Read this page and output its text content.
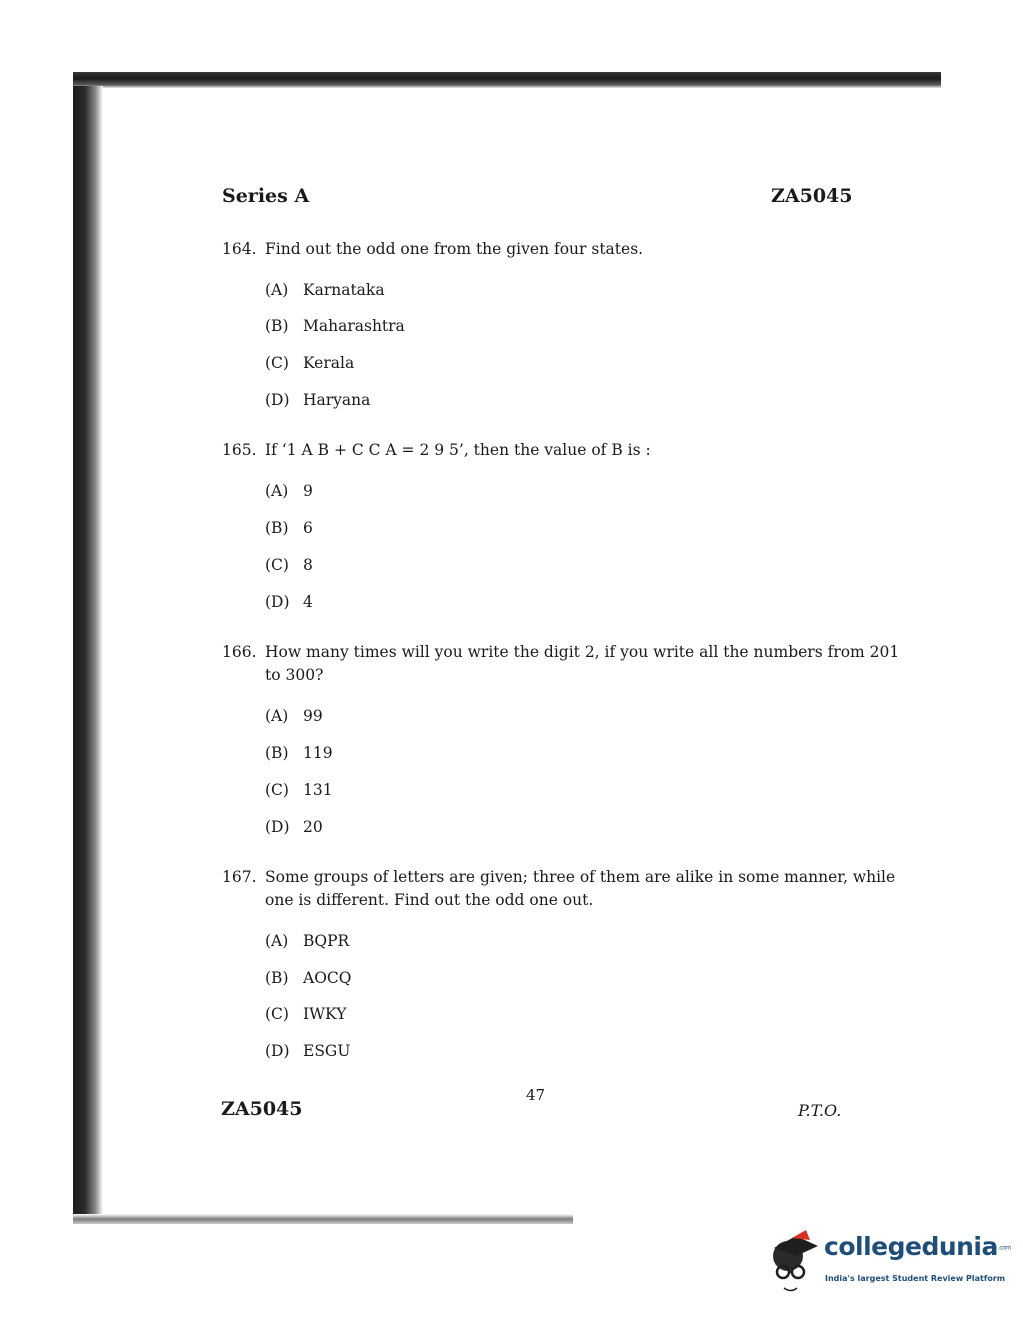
Series A	ZA5045
164. Find out the odd one from the given four states.
(A) Karnataka
(B) Maharashtra
(C) Kerala
(D) Haryana
165. If ‘1 A B + C C A = 2 9 5’, then the value of B is :
(A) 9
(B) 6
(C) 8
(D) 4
166. How many times will you write the digit 2, if you write all the numbers from 201
to 300?
(A) 99
(B) 119
(C) 131
(D) 20
167. Some groups of letters are given; three of them are alike in some manner, while
one is different. Find out the odd one out.
(A) BQPR
(B) AOCQ
(C) IWKY
(D) ESGU
47
ZA5045	P.T.O.
collegedunia.com
India's largest Student Review Platform
